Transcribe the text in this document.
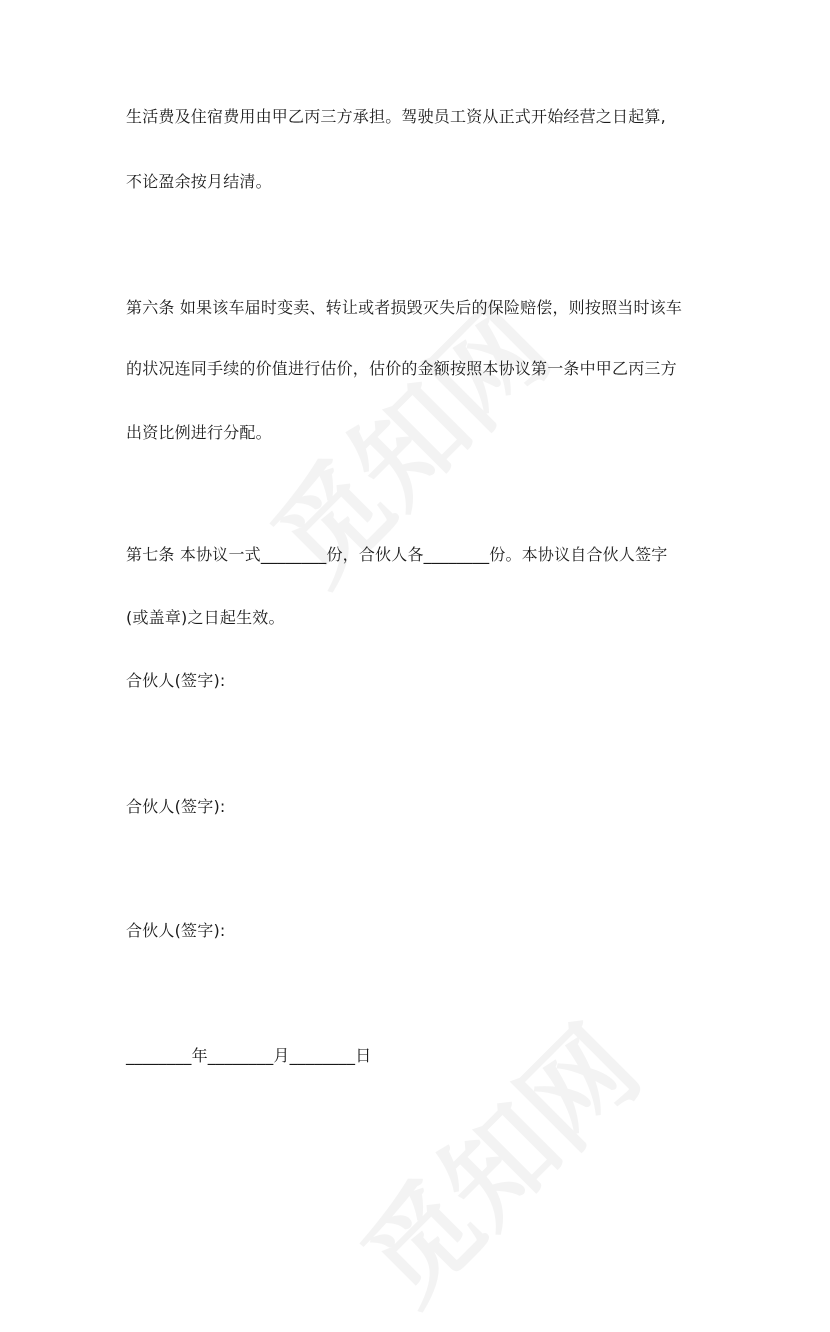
生活费及住宿费用由甲乙丙三方承担。驾驶员工资从正式开始经营之日起算,
不论盈余按月结清。
第六条 如果该车届时变卖、转让或者损毁灭失后的保险赔偿，则按照当时该车
的状况连同手续的价值进行估价，估价的金额按照本协议第一条中甲乙丙三方
出资比例进行分配。
第七条 本协议一式________份，合伙人各________份。本协议自合伙人签字
(或盖章)之日起生效。
合伙人(签字):
合伙人(签字):
合伙人(签字):
________年________月________日
